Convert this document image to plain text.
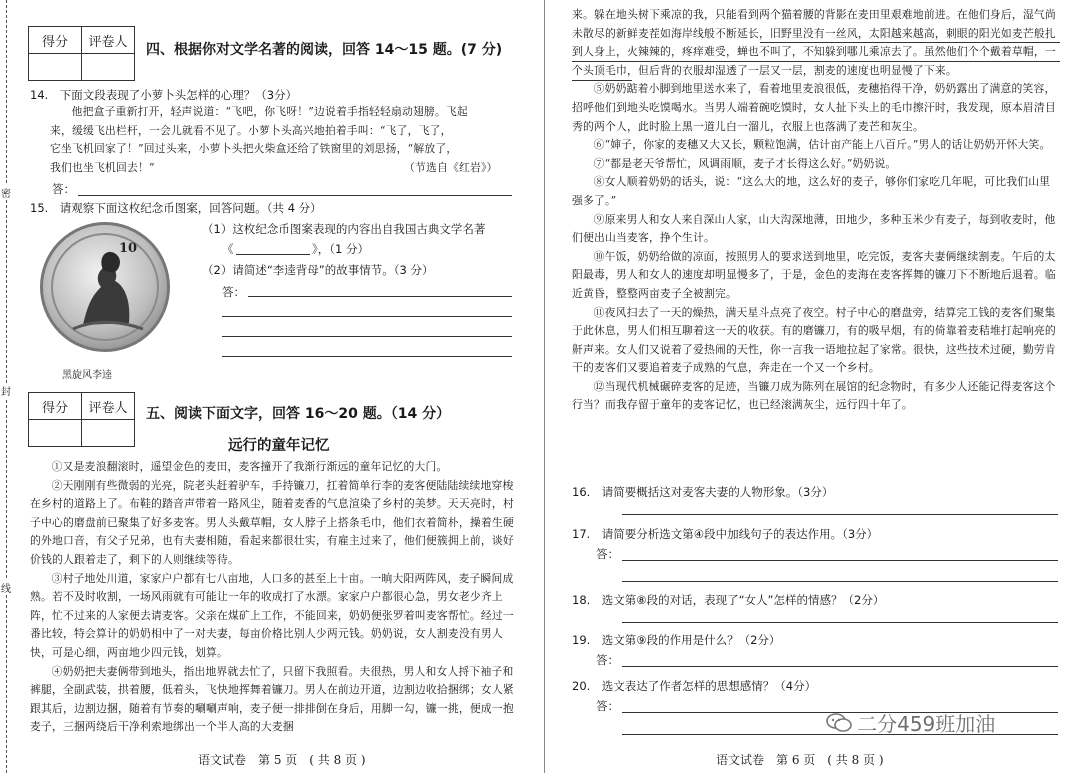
密
封
线
得分	评卷人
	四、根据你对文学名著的阅读，回答 14～15 题。(7 分)
14.　下面文段表现了小萝卜头怎样的心理？（3分）
他把盒子重新打开，轻声说道：“飞吧，你飞呀！”边说着手指轻轻扇动翅膀。飞起
来，缓缓飞出栏杆，一会儿就看不见了。小萝卜头高兴地拍着手叫：“飞了，飞了，
它坐飞机回家了！”回过头来，小萝卜头把火柴盒还给了铁窗里的刘思扬，“解放了，
我们也坐飞机回去！”	（节选自《红岩》）
答：
15.　请观察下面这枚纪念币图案，回答问题。（共 4 分）
10
黑旋风李逵
（1）这枚纪念币图案表现的内容出自我国古典文学名著
《	》，（1 分）
（2）请简述“李逵背母”的故事情节。（3 分）
答：
得分	评卷人
	五、阅读下面文字，回答 16～20 题。（14 分）
远行的童年记忆

①又是麦浪翻滚时，遥望金色的麦田，麦客撞开了我渐行渐远的童年记忆的大门。

②天刚刚有些微弱的光亮，院老头赶着驴车，手持镰刀，扛着简单行李的麦客便陆陆续续地穿梭在乡村的道路上了。布鞋的踏音声带着一路风尘，随着麦香的气息渲染了乡村的美梦。天天亮时，村子中心的磨盘前已聚集了好多麦客。男人头戴草帽，女人脖子上搭条毛巾，他们衣着简朴，操着生硬的外地口音，有父子兄弟，也有夫妻相随，看起来都很壮实，有雇主过来了，他们便簇拥上前，谈好价钱的人跟着走了，剩下的人则继续等待。

③村子地处川道，家家户户都有七八亩地，人口多的甚至上十亩。一晌大阳两阵风，麦子瞬间成熟。若不及时收割，一场风雨就有可能让一年的收成打了水漂。家家户户都很心急，男女老少齐上阵，忙不过来的人家便去请麦客。父亲在煤矿上工作，不能回来，奶奶便张罗着叫麦客帮忙。经过一番比较，特会算计的奶奶相中了一对夫妻，每亩价格比别人少两元钱。奶奶说，女人割麦没有男人快，可是心细，两亩地少四元钱，划算。

④奶奶把夫妻俩带到地头，指出地界就去忙了，只留下我照看。夫很热，男人和女人捋下袖子和裤腿，全副武装，拱着腰，低着头，飞快地挥舞着镰刀。男人在前边开道，边割边收拾捆绑；女人紧跟其后，边割边捆，随着有节奏的唰唰声响，麦子便一排排倒在身后，用脚一勾，镰一挑，便成一抱麦子，三捆两绕后干净利索地绑出一个半人高的大麦捆

语文试卷　第 5 页　( 共 8 页 )

来。躲在地头树下乘凉的我，只能看到两个猫着腰的背影在麦田里艰难地前进。在他们身后，湿气尚未散尽的新鲜麦茬如海岸线般不断延长，旧野里没有一丝风，太阳越来越高，刺眼的阳光如麦芒般扎到人身上，火辣辣的，疼痒难受，蝉也不叫了，不知躲到哪儿乘凉去了。虽然他们个个戴着草帽，一个头顶毛巾，但后背的衣服却湿透了一层又一层，割麦的速度也明显慢了下来。

⑤奶奶踮着小脚到地里送水来了，看着地里麦浪很低，麦穗掐得干净，奶奶露出了满意的笑容，招呼他们到地头吃馍喝水。当男人端着碗吃馍时，女人扯下头上的毛巾擦汗时，我发现，原本眉清目秀的两个人，此时脸上黑一道儿白一溜儿，衣服上也落满了麦芒和灰尘。

⑥“婶子，你家的麦穗又大又长，颗粒饱满，估计亩产能上八百斤。”男人的话让奶奶开怀大笑。

⑦“都是老天爷帮忙，风调雨顺，麦子才长得这么好。”奶奶说。

⑧女人顺着奶奶的话头，说：“这么大的地，这么好的麦子，够你们家吃几年呢，可比我们山里强多了。”

⑨原来男人和女人来自深山人家，山大沟深地薄，田地少，多种玉米少有麦子，每到收麦时，他们便出山当麦客，挣个生计。

⑩午饭，奶奶给做的凉面，按照男人的要求送到地里，吃完饭，麦客夫妻俩继续割麦。午后的太阳最毒，男人和女人的速度却明显慢多了，于是，金色的麦海在麦客挥舞的镰刀下不断地后退着。临近黄昏，整整两亩麦子全被割完。

⑪夜风扫去了一天的燥热，满天星斗点亮了夜空。村子中心的磨盘旁，结算完工钱的麦客们聚集于此休息，男人们相互聊着这一天的收获。有的磨镰刀，有的吸早烟，有的倚靠着麦秸堆打起响亮的鼾声来。女人们又说着了爱热闹的天性，你一言我一语地拉起了家常。很快，这些技术过硬，勤劳肯干的麦客们又要追着麦子成熟的气息，奔走在一个又一个乡村。

⑫当现代机械碾碎麦客的足迹，当镰刀成为陈列在展馆的纪念物时，有多少人还能记得麦客这个行当？而我存留于童年的麦客记忆，也已经滚满灰尘，远行四十年了。

16.　请简要概括这对麦客夫妻的人物形象。（3分）
17.　请简要分析选文第④段中加线句子的表达作用。（3分）
答：
18.　选文第⑧段的对话，表现了“女人”怎样的情感？（2分）
19.　选文第⑨段的作用是什么？（2分）
答：
20.　选文表达了作者怎样的思想感情？（4分）
答：
二分459班加油
语文试卷　第 6 页　( 共 8 页 )
